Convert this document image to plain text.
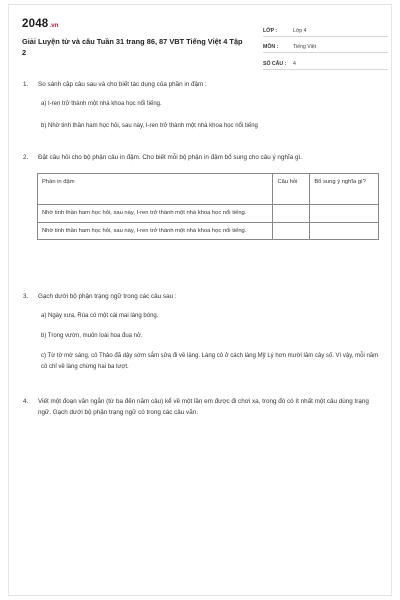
2048.vn
Giải Luyện từ và câu Tuần 31 trang 86, 87 VBT Tiếng Việt 4 Tập 2
LỚP :	Lớp 4
MÔN :	Tiếng Việt
SỐ CÂU :	4
1. So sánh cặp câu sau và cho biết tác dụng của phần in đậm :

a) I-ren trở thành một nhà khoa học nổi tiếng.
b) Nhờ tinh thần ham học hỏi, sau này, I-ren trở thành một nhà khoa học nổi tiếng
2. Đặt câu hỏi cho bộ phận câu in đậm. Cho biết mỗi bộ phận in đậm bổ sung cho câu ý nghĩa gì.

Phần in đậm	Câu hỏi	Bổ sung ý nghĩa gì?
Nhờ tinh thần ham học hỏi, sau này, I-ren trở thành một nhà khoa học nổi tiếng.		
Nhờ tinh thần ham học hỏi, sau này, I-ren trở thành một nhà khoa học nổi tiếng.		
3. Gạch dưới bộ phận trạng ngữ trong các câu sau :

a) Ngày xưa, Rùa có một cái mai láng bóng.
b) Trong vườn, muôn loài hoa đua nở.
c) Từ tờ mờ sáng, cô Thảo đã dậy sớm sắm sửa đi về làng. Làng cô ở cách làng Mỹ Lý hơn mười lăm cây số. Vì vậy, mỗi năm cô chỉ về làng chừng hai ba lượt.
4. Viết một đoạn văn ngắn (từ ba đến năm câu) kể về một lần em được đi chơi xa, trong đó có ít nhất một câu dùng trạng ngữ. Gạch dưới bộ phận trạng ngữ có trong các câu văn.
